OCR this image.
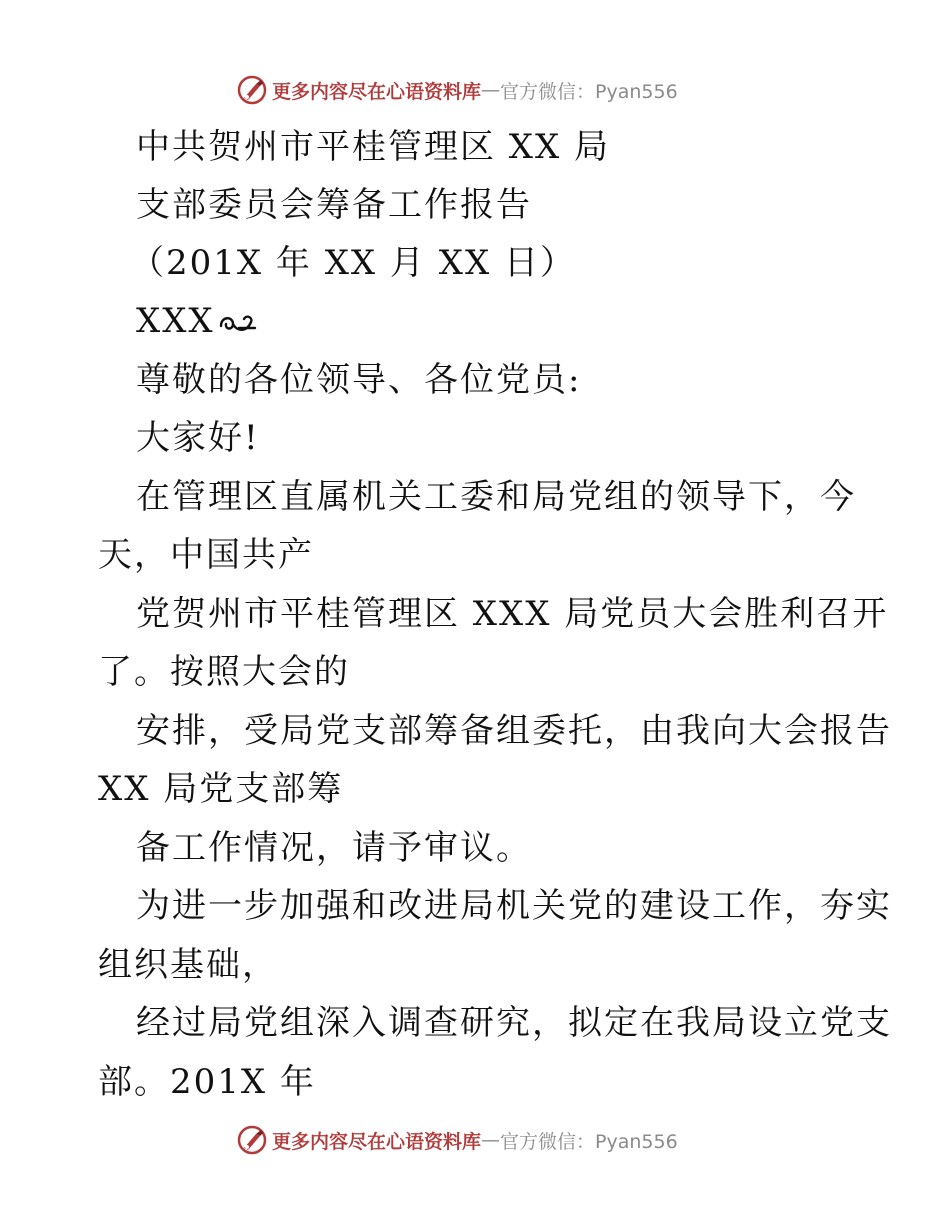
更多内容尽在心语资料库 — 官方微信：Pyan556
中共贺州市平桂管理区 XX 局
支部委员会筹备工作报告
（201X 年 XX 月 XX 日）
XXX
尊敬的各位领导、各位党员:
大家好!
在管理区直属机关工委和局党组的领导下，今
天，中国共产
党贺州市平桂管理区 XXX 局党员大会胜利召开
了。按照大会的
安排，受局党支部筹备组委托，由我向大会报告
XX 局党支部筹
备工作情况，请予审议。
为进一步加强和改进局机关党的建设工作，夯实
组织基础，
经过局党组深入调查研究，拟定在我局设立党支
部。201X 年
更多内容尽在心语资料库 — 官方微信：Pyan556
